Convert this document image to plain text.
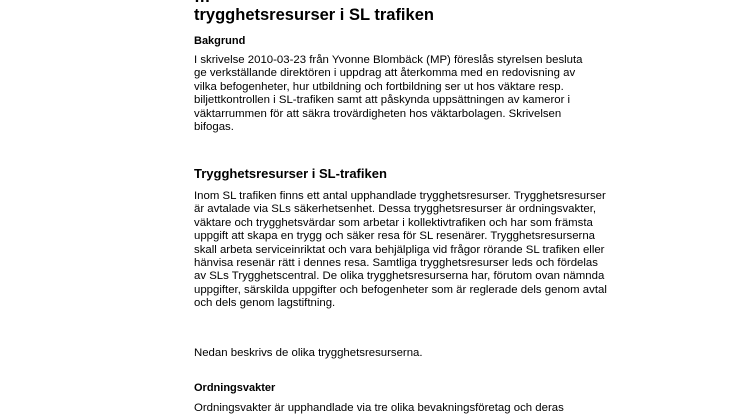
trygghetsresurser i SL trafiken
Bakgrund

I skrivelse 2010-03-23 från Yvonne Blombäck (MP) föreslås styrelsen besluta
ge verkställande direktören i uppdrag att återkomma med en redovisning av
vilka befogenheter, hur utbildning och fortbildning ser ut hos väktare resp.
biljettkontrollen i SL-trafiken samt att påskynda uppsättningen av kameror i
väktarrummen för att säkra trovärdigheten hos väktarbolagen. Skrivelsen
bifogas.

Trygghetsresurser i SL-trafiken

Inom SL trafiken finns ett antal upphandlade trygghetsresurser. Trygghetsresurser
är avtalade via SLs säkerhetsenhet. Dessa trygghetsresurser är ordningsvakter,
väktare och trygghetsvärdar som arbetar i kollektivtrafiken och har som främsta
uppgift att skapa en trygg och säker resa för SL resenärer. Trygghetsresurserna
skall arbeta serviceinriktat och vara behjälpliga vid frågor rörande SL trafiken eller
hänvisa resenär rätt i dennes resa. Samtliga trygghetsresurser leds och fördelas
av SLs Trygghetscentral. De olika trygghetsresurserna har, förutom ovan nämnda
uppgifter, särskilda uppgifter och befogenheter som är reglerade dels genom avtal
och dels genom lagstiftning.

Nedan beskrivs de olika trygghetsresurserna.

Ordningsvakter

Ordningsvakter är upphandlade via tre olika bevakningsföretag och deras
